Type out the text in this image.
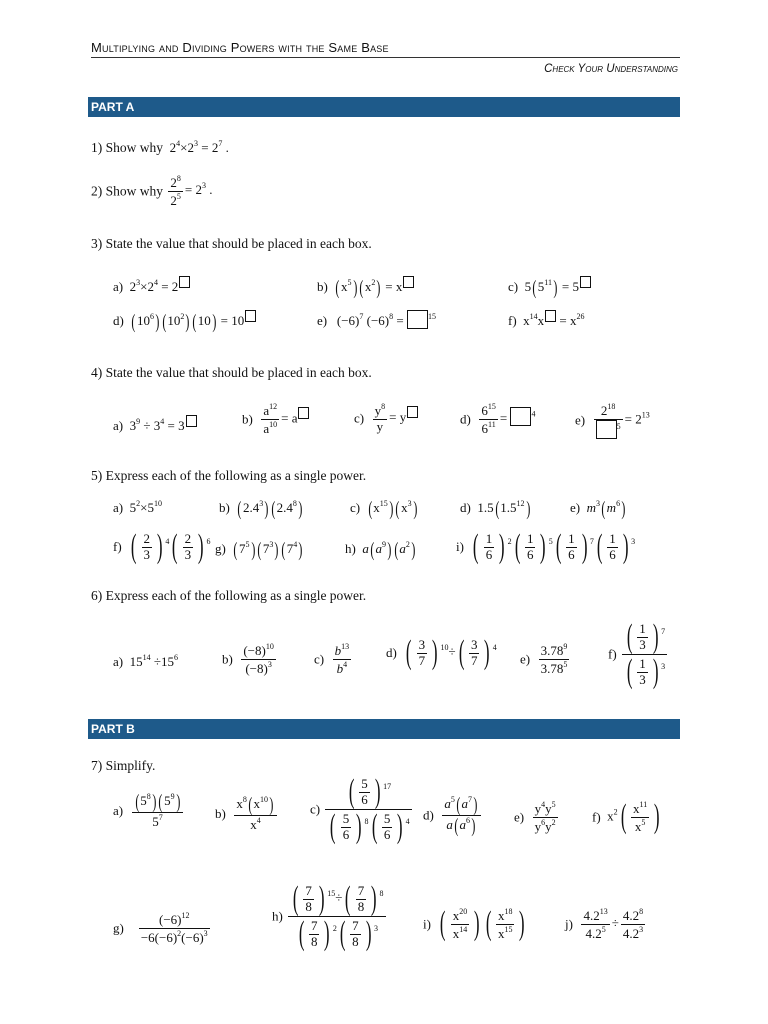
Multiplying and Dividing Powers with the Same Base
Check Your Understanding
PART A
1) Show why  $2^4\times 2^3 = 2^7$ .
2) Show why $\frac{2^8}{2^5} = 2^3$ .
3) State the value that should be placed in each box.
a)  $2^3\times 2^4 = 2$	b) $(x^5) (x^2) = x$	c)  $5(5^{11}) = 5$
d) $(10^6)$ $(10^2) (10) = 10$	e)   $(-6)^7$ $(-6)^8$ =	$^{15}$	f)  $x^{14}x = x^{26}$
4) State the value that should be placed in each box.
a)  $3^9 \div 3^4 = 3$	$b) \frac{a^{12}}{a^{10}} = a$	$c) \frac{y^8}{y} = y$	$d) \frac{6^{15}}{6^{11}}$ =	$^4$	$e) \frac{2^{18}}{^5} = 2^{13}$
5) Express each of the following as a single power.
a)  $5^2\times 5^{10}$	b) $(2.4^3)$ $(2.4^8)$	c) $(x^{15})$ $(x^3)$	d)  $1.5(1.5^{12})$	e) $m^3(m^6)$
f) ( $\frac{2}{3}$ ) $^4( \frac{2}{3}$ ) $^6$ g) $(7^5)$ $(7^3)$ $(7^4)$	h) $a(a^9)$ $(a^2)$	i) ( $\frac{1}{6}$ ) $^2( \frac{1}{6}$ ) $^5( \frac{1}{6}$ ) $^7( \frac{1}{6}$ ) $^3$
6) Express each of the following as a single power.
a)  $15^{14} \div 15^6$	$b) \frac{(-8)^{10}}{(-8)^3}$	$c) \frac{b^{13}}{b^4}$	d) ( $\frac{3}{7}$ ) $^{10}\div( \frac{3}{7}$ ) $^4$
$e) \frac{3.78^9}{3.78^5}$	$f) \frac{( \frac{1}{3} ) ^7}{( \frac{1}{3} ) ^3}$
PART B
7) Simplify.
$a) \frac{(5^8) (5^9)}{5^7} b) \frac{x^8(x^{10})}{x^4}$	$c) \frac{( \frac{5}{6} ) ^{17}}{( \frac{5}{6} ) ^8( \frac{5}{6} ) ^4} d) \frac{a^5(a^7)}{a(a^6)}$	$e) \frac{y^4y^5}{y^6y^2}$	f)  $x^2( \frac{x^{11}}{x^5}$ )
$g) \frac{(-6)^{12}}{-6(-6)^2(-6)^3}$	$h) \frac{( \frac{7}{8} ) ^{15}\div( \frac{7}{8} ) ^8}{( \frac{7}{8} ) ^2( \frac{7}{8} ) ^3}$	i) ( $\frac{x^{20}}{x^{14}}$ ) ( $\frac{x^{18}}{x^{15}}$ )	$j) \frac{4.2^{13}}{4.2^5} \div \frac{4.2^8}{4.2^3}$
